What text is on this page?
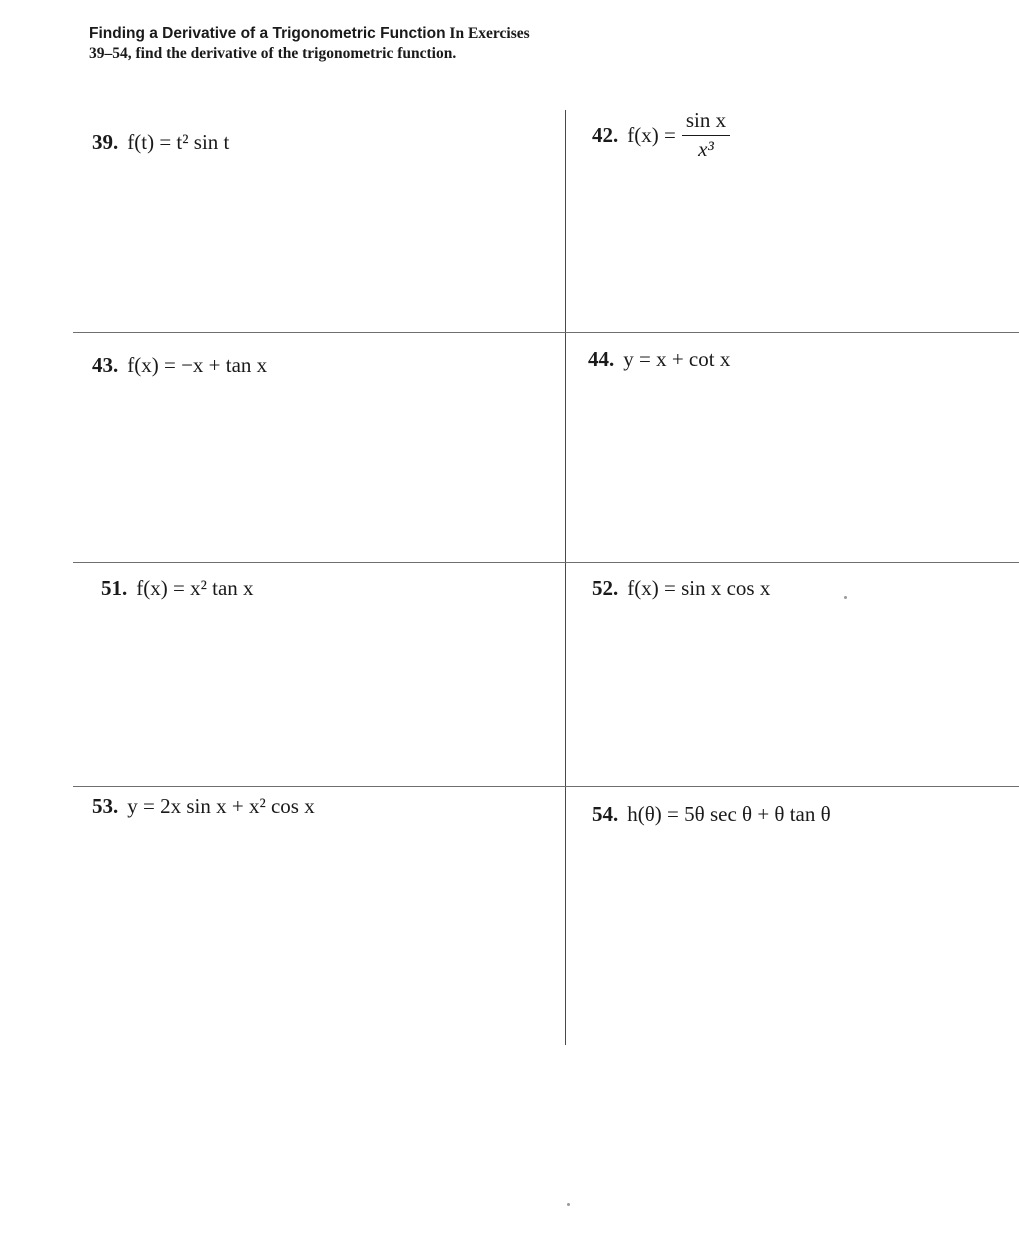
Finding a Derivative of a Trigonometric Function In Exercises 39–54, find the derivative of the trigonometric function.
39. f(t) = t² sin t	42. $f(x) = \frac{\text{sin x}}{\text{x³}}$
43. f(x) = −x + tan x	44. y = x + cot x
51. f(x) = x² tan x	52. f(x) = sin x cos x
53. y = 2x sin x + x² cos x	54. h(θ) = 5θ sec θ + θ tan θ
